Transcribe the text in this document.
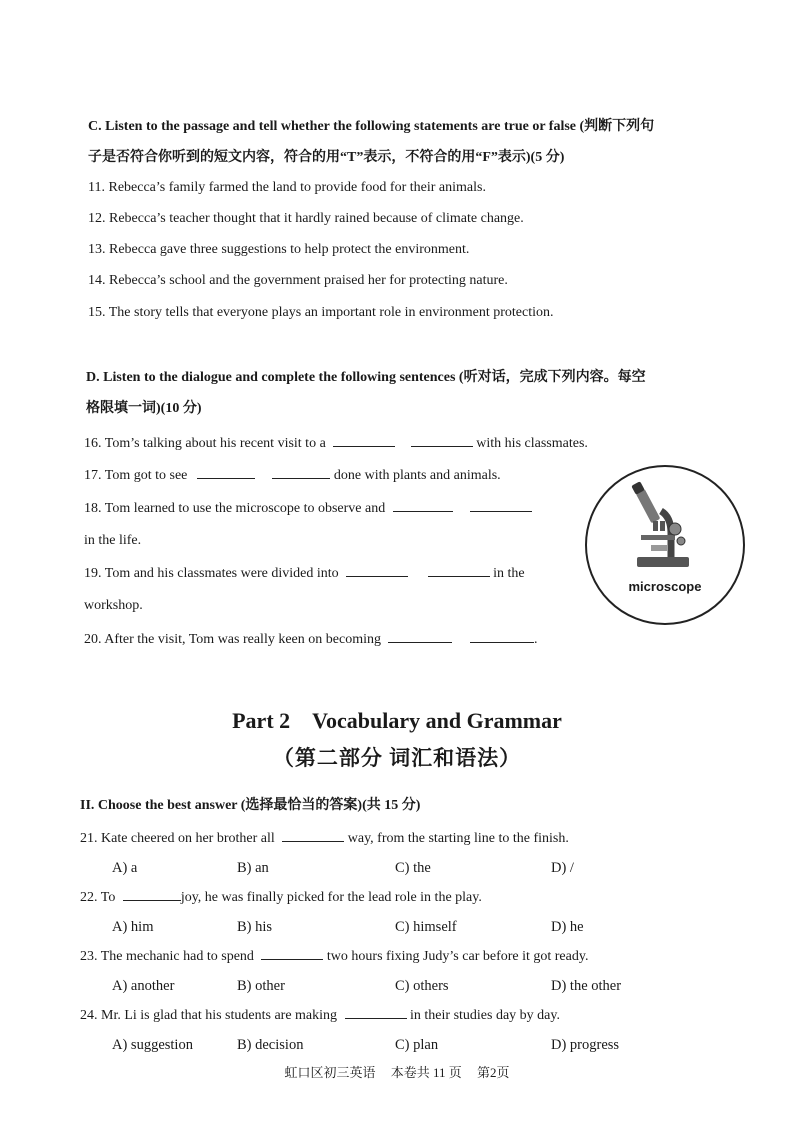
C. Listen to the passage and tell whether the following statements are true or false (判断下列句
子是否符合你听到的短文内容，符合的用“T”表示，不符合的用“F”表示)(5 分)
11. Rebecca’s family farmed the land to provide food for their animals.
12. Rebecca’s teacher thought that it hardly rained because of climate change.
13. Rebecca gave three suggestions to help protect the environment.
14. Rebecca’s school and the government praised her for protecting nature.
15. The story tells that everyone plays an important role in environment protection.
D. Listen to the dialogue and complete the following sentences (听对话，完成下列内容。每空
格限填一词)(10 分)
16. Tom’s talking about his recent visit to a	with his classmates.
17. Tom got to see	done with plants and animals.
18. Tom learned to use the microscope to observe and
in the life.
19. Tom and his classmates were divided into	in the
workshop.
20. After the visit, Tom was really keen on becoming	.
microscope
Part 2 Vocabulary and Grammar
（第二部分 词汇和语法）
II. Choose the best answer (选择最恰当的答案)(共 15 分)
21. Kate cheered on her brother all	way, from the starting line to the finish.
A) a	B) an	C) the	D) /
22. To	joy, he was finally picked for the lead role in the play.
A) him	B) his	C) himself	D) he
23. The mechanic had to spend	two hours fixing Judy’s car before it got ready.
A) another	B) other	C) others	D) the other
24. Mr. Li is glad that his students are making	in their studies day by day.
A) suggestion	B) decision	C) plan	D) progress
虹口区初三英语 本卷共 11 页 第2页
